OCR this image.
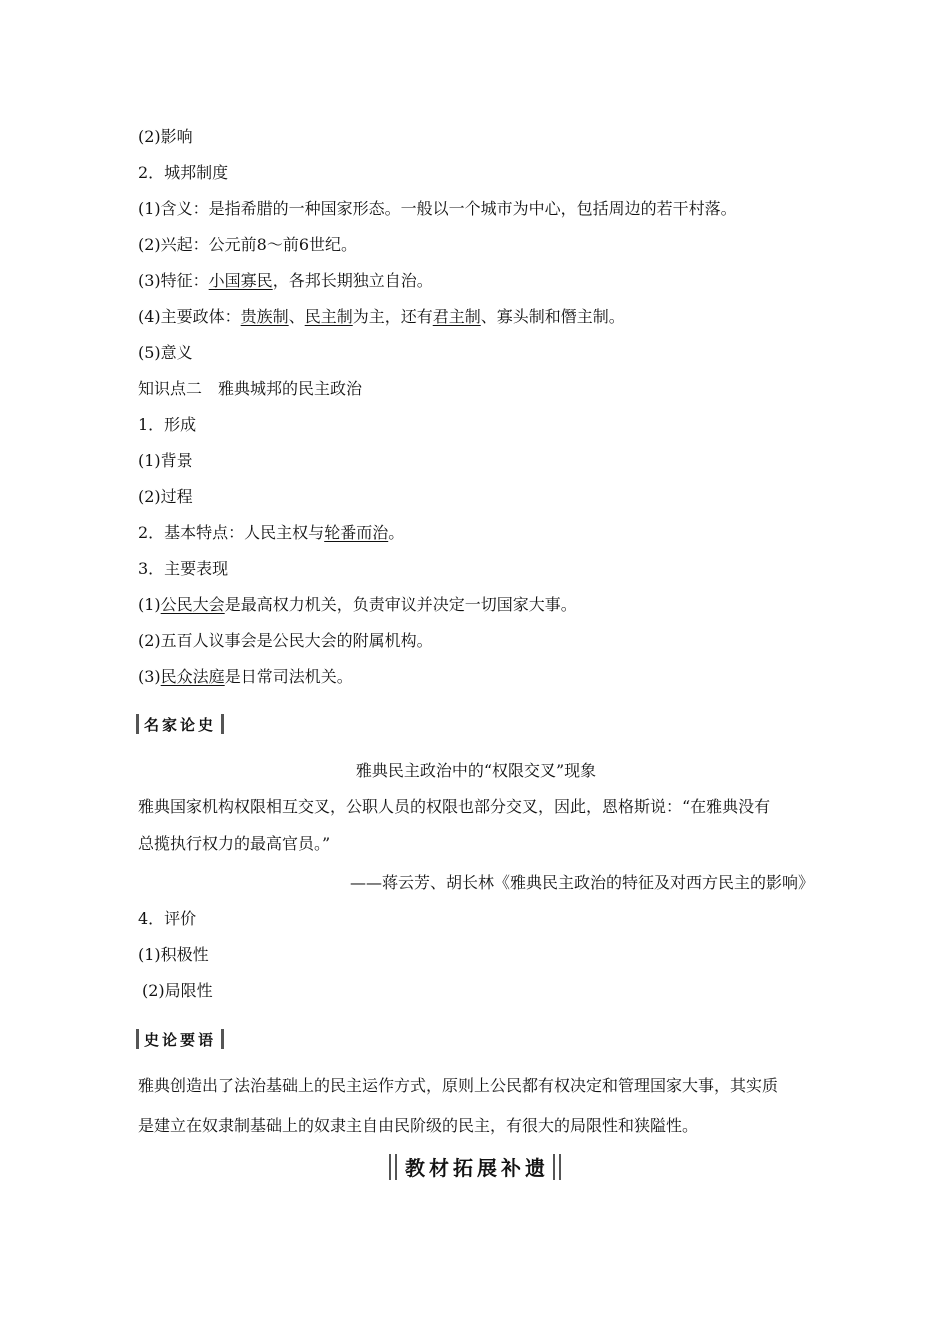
(2)影响
2．城邦制度
(1)含义：是指希腊的一种国家形态。一般以一个城市为中心，包括周边的若干村落。
(2)兴起：公元前8～前6世纪。
(3)特征：小国寡民，各邦长期独立自治。
(4)主要政体：贵族制、民主制为主，还有君主制、寡头制和僭主制。
(5)意义
知识点二　雅典城邦的民主政治
1．形成
(1)背景
(2)过程
2．基本特点：人民主权与轮番而治。
3．主要表现
(1)公民大会是最高权力机关，负责审议并决定一切国家大事。
(2)五百人议事会是公民大会的附属机构。
(3)民众法庭是日常司法机关。
名家论史
雅典民主政治中的“权限交叉”现象
雅典国家机构权限相互交叉，公职人员的权限也部分交叉，因此，恩格斯说：“在雅典没有
总揽执行权力的最高官员。”
——蒋云芳、胡长林《雅典民主政治的特征及对西方民主的影响》
4．评价
(1)积极性
(2)局限性
史论要语
雅典创造出了法治基础上的民主运作方式，原则上公民都有权决定和管理国家大事，其实质
是建立在奴隶制基础上的奴隶主自由民阶级的民主，有很大的局限性和狭隘性。
教材拓展补遗
